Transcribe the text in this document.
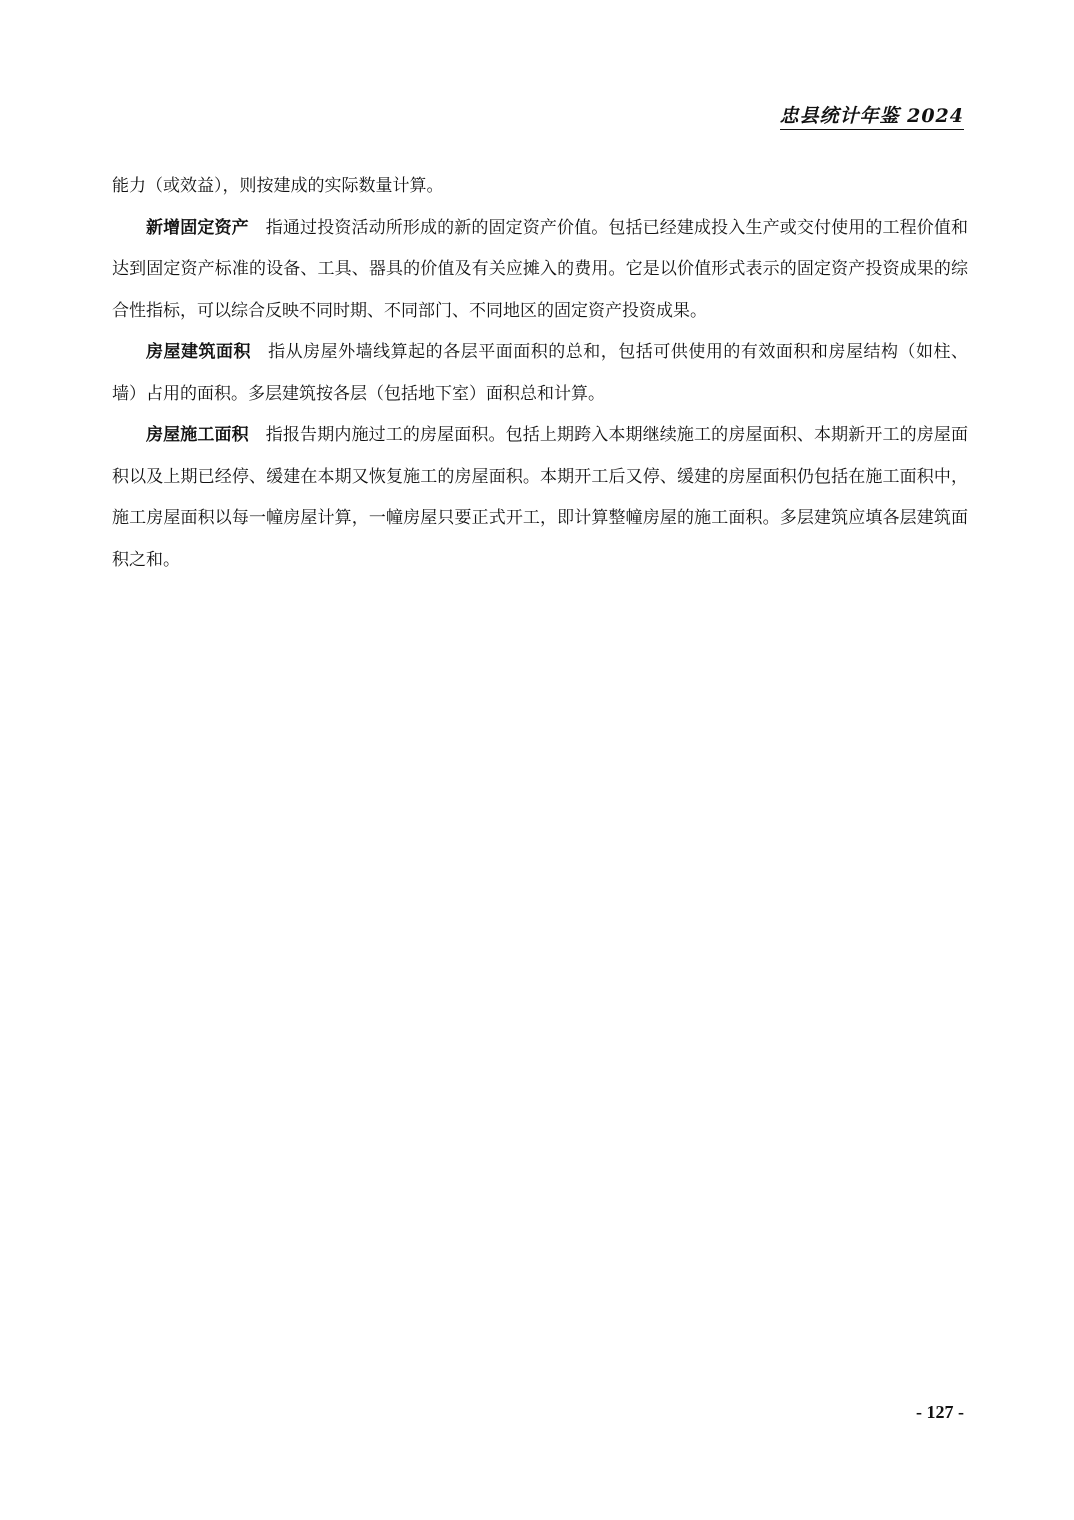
忠县统计年鉴 2024

能力（或效益），则按建成的实际数量计算。

新增固定资产 指通过投资活动所形成的新的固定资产价值。包括已经建成投入生产或交付使用的工程价值和达到固定资产标准的设备、工具、器具的价值及有关应摊入的费用。它是以价值形式表示的固定资产投资成果的综合性指标，可以综合反映不同时期、不同部门、不同地区的固定资产投资成果。

房屋建筑面积 指从房屋外墙线算起的各层平面面积的总和，包括可供使用的有效面积和房屋结构（如柱、墙）占用的面积。多层建筑按各层（包括地下室）面积总和计算。

房屋施工面积 指报告期内施过工的房屋面积。包括上期跨入本期继续施工的房屋面积、本期新开工的房屋面积以及上期已经停、缓建在本期又恢复施工的房屋面积。本期开工后又停、缓建的房屋面积仍包括在施工面积中，施工房屋面积以每一幢房屋计算，一幢房屋只要正式开工，即计算整幢房屋的施工面积。多层建筑应填各层建筑面积之和。

- 127 -
